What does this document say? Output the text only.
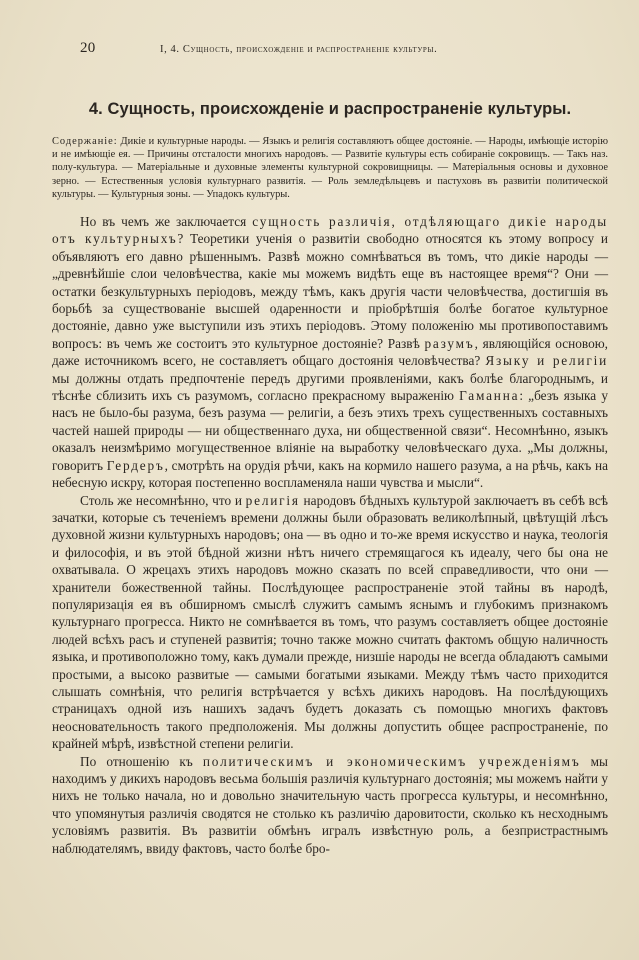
20	I, 4. Сущность, происхожденіе и распространеніе культуры.
4. Сущность, происхожденіе и распространеніе культуры.
Содержаніе: Дикіе и культурные народы. — Языкъ и религія составляютъ общее достояніе. — Народы, имѣющіе исторію и не имѣющіе ея. — Причины отсталости многихъ народовъ. — Развитіе культуры есть собираніе сокровищъ. — Такъ наз. полу-культура. — Матеріальные и духовные элементы культурной сокровищницы. — Матеріальныя основы и духовное зерно. — Естественныя условія культурнаго развитія. — Роль земледѣльцевъ и пастуховъ въ развитіи политической культуры. — Культурныя зоны. — Упадокъ культуры.

Но въ чемъ же заключается сущность различія, отдѣляющаго дикіе народы отъ культурныхъ? Теоретики ученія о развитіи свободно относятся къ этому вопросу и объявляютъ его давно рѣшеннымъ. Развѣ можно сомнѣваться въ томъ, что дикіе народы — „древнѣйшіе слои человѣчества, какіе мы можемъ видѣть еще въ настоящее время“? Они — остатки безкультурныхъ періодовъ, между тѣмъ, какъ другія части человѣчества, достигшія въ борьбѣ за существованіе высшей одаренности и пріобрѣтшія болѣе богатое культурное достояніе, давно уже выступили изъ этихъ періодовъ. Этому положенію мы противопоставимъ вопросъ: въ чемъ же состоитъ это культурное достояніе? Развѣ разумъ, являющійся основою, даже источникомъ всего, не составляетъ общаго достоянія человѣчества? Языку и религіи мы должны отдать предпочтеніе передъ другими проявленіями, какъ болѣе благороднымъ, и тѣснѣе сблизить ихъ съ разумомъ, согласно прекрасному выраженію Гаманна: „безъ языка у насъ не было-бы разума, безъ разума — религіи, а безъ этихъ трехъ существенныхъ составныхъ частей нашей природы — ни общественнаго духа, ни общественной связи“. Несомнѣнно, языкъ оказалъ неизмѣримо могущественное вліяніе на выработку человѣческаго духа. „Мы должны, говоритъ Гердеръ, смотрѣть на орудія рѣчи, какъ на кормило нашего разума, а на рѣчь, какъ на небесную искру, которая постепенно воспламеняла наши чувства и мысли“.

Столь же несомнѣнно, что и религія народовъ бѣдныхъ культурой заключаетъ въ себѣ всѣ зачатки, которые съ теченіемъ времени должны были образовать великолѣпный, цвѣтущій лѣсъ духовной жизни культурныхъ народовъ; она — въ одно и то-же время искусство и наука, теологія и философія, и въ этой бѣдной жизни нѣтъ ничего стремящагося къ идеалу, чего бы она не охватывала. О жрецахъ этихъ народовъ можно сказать по всей справедливости, что они — хранители божественной тайны. Послѣдующее распространеніе этой тайны въ народѣ, популяризація ея въ обширномъ смыслѣ служитъ самымъ яснымъ и глубокимъ признакомъ культурнаго прогресса. Никто не сомнѣвается въ томъ, что разумъ составляетъ общее достояніе людей всѣхъ расъ и ступеней развитія; точно также можно считать фактомъ общую наличность языка, и противоположно тому, какъ думали прежде, низшіе народы не всегда обладаютъ самыми простыми, а высоко развитые — самыми богатыми языками. Между тѣмъ часто приходится слышать сомнѣнія, что религія встрѣчается у всѣхъ дикихъ народовъ. На послѣдующихъ страницахъ одной изъ нашихъ задачъ будетъ доказать съ помощью многихъ фактовъ неосновательность такого предположенія. Мы должны допустить общее распространеніе, по крайней мѣрѣ, извѣстной степени религіи.

По отношенію къ политическимъ и экономическимъ учрежденіямъ мы находимъ у дикихъ народовъ весьма большія различія культурнаго достоянія; мы можемъ найти у нихъ не только начала, но и довольно значительную часть прогресса культуры, и несомнѣнно, что упомянутыя различія сводятся не столько къ различію даровитости, сколько къ несходнымъ условіямъ развитія. Въ развитіи обмѣнъ игралъ извѣстную роль, а безпристрастнымъ наблюдателямъ, ввиду фактовъ, часто болѣе бро-
